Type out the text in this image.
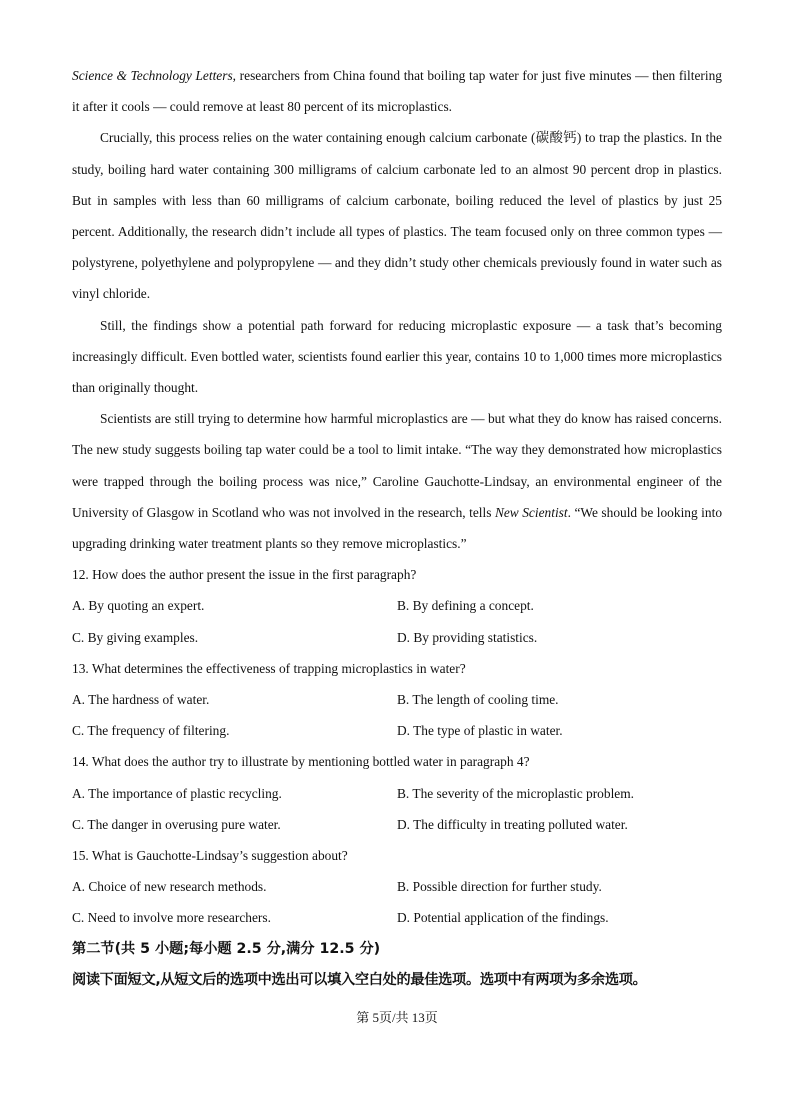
Science & Technology Letters, researchers from China found that boiling tap water for just five minutes — then filtering it after it cools — could remove at least 80 percent of its microplastics.

Crucially, this process relies on the water containing enough calcium carbonate (碳酸钙) to trap the plastics. In the study, boiling hard water containing 300 milligrams of calcium carbonate led to an almost 90 percent drop in plastics. But in samples with less than 60 milligrams of calcium carbonate, boiling reduced the level of plastics by just 25 percent. Additionally, the research didn’t include all types of plastics. The team focused only on three common types — polystyrene, polyethylene and polypropylene — and they didn’t study other chemicals previously found in water such as vinyl chloride.

Still, the findings show a potential path forward for reducing microplastic exposure — a task that’s becoming increasingly difficult. Even bottled water, scientists found earlier this year, contains 10 to 1,000 times more microplastics than originally thought.

Scientists are still trying to determine how harmful microplastics are — but what they do know has raised concerns. The new study suggests boiling tap water could be a tool to limit intake. “The way they demonstrated how microplastics were trapped through the boiling process was nice,” Caroline Gauchotte-Lindsay, an environmental engineer of the University of Glasgow in Scotland who was not involved in the research, tells New Scientist. “We should be looking into upgrading drinking water treatment plants so they remove microplastics.”

12. How does the author present the issue in the first paragraph?

A. By quoting an expert.	B. By defining a concept.
C. By giving examples.	D. By providing statistics.

13. What determines the effectiveness of trapping microplastics in water?

A. The hardness of water.	B. The length of cooling time.
C. The frequency of filtering.	D. The type of plastic in water.

14. What does the author try to illustrate by mentioning bottled water in paragraph 4?

A. The importance of plastic recycling.	B. The severity of the microplastic problem.
C. The danger in overusing pure water.	D. The difficulty in treating polluted water.

15. What is Gauchotte-Lindsay’s suggestion about?

A. Choice of new research methods.	B. Possible direction for further study.
C. Need to involve more researchers.	D. Potential application of the findings.

第二节(共 5 小题;每小题 2.5 分,满分 12.5 分)

阅读下面短文,从短文后的选项中选出可以填入空白处的最佳选项。选项中有两项为多余选项。

第 5页/共 13页
